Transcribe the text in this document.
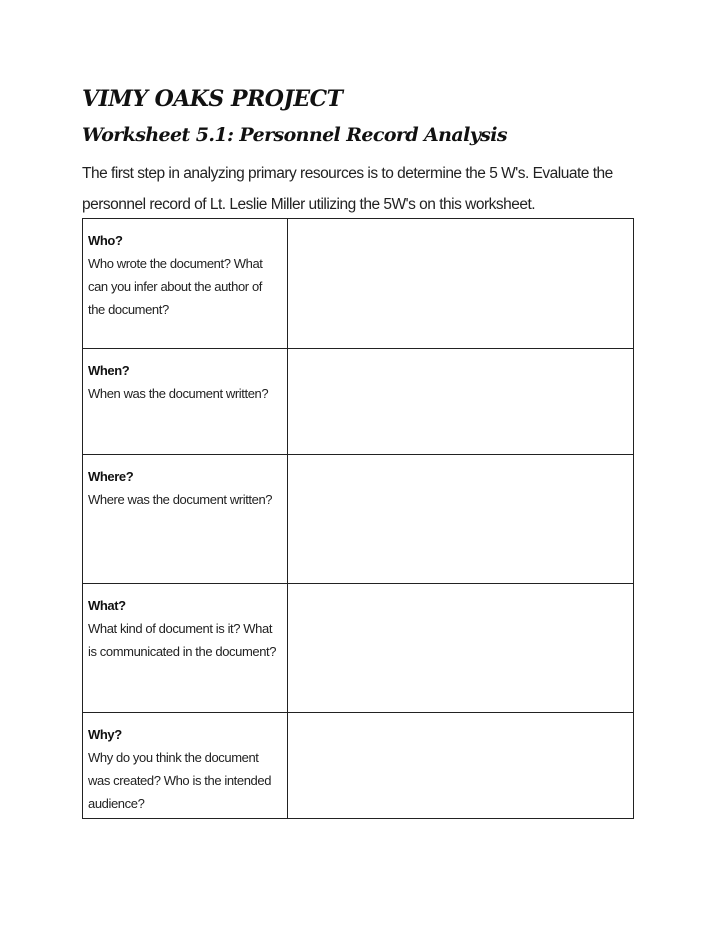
VIMY OAKS PROJECT
Worksheet 5.1: Personnel Record Analysis
The first step in analyzing primary resources is to determine the 5 W's. Evaluate the personnel record of Lt. Leslie Miller utilizing the 5W's on this worksheet.
Who?
Who wrote the document? What can you infer about the author of the document?	

When?
When was the document written?	

Where?
Where was the document written?	

What?
What kind of document is it? What is communicated in the document?	

Why?
Why do you think the document was created? Who is the intended audience?	
